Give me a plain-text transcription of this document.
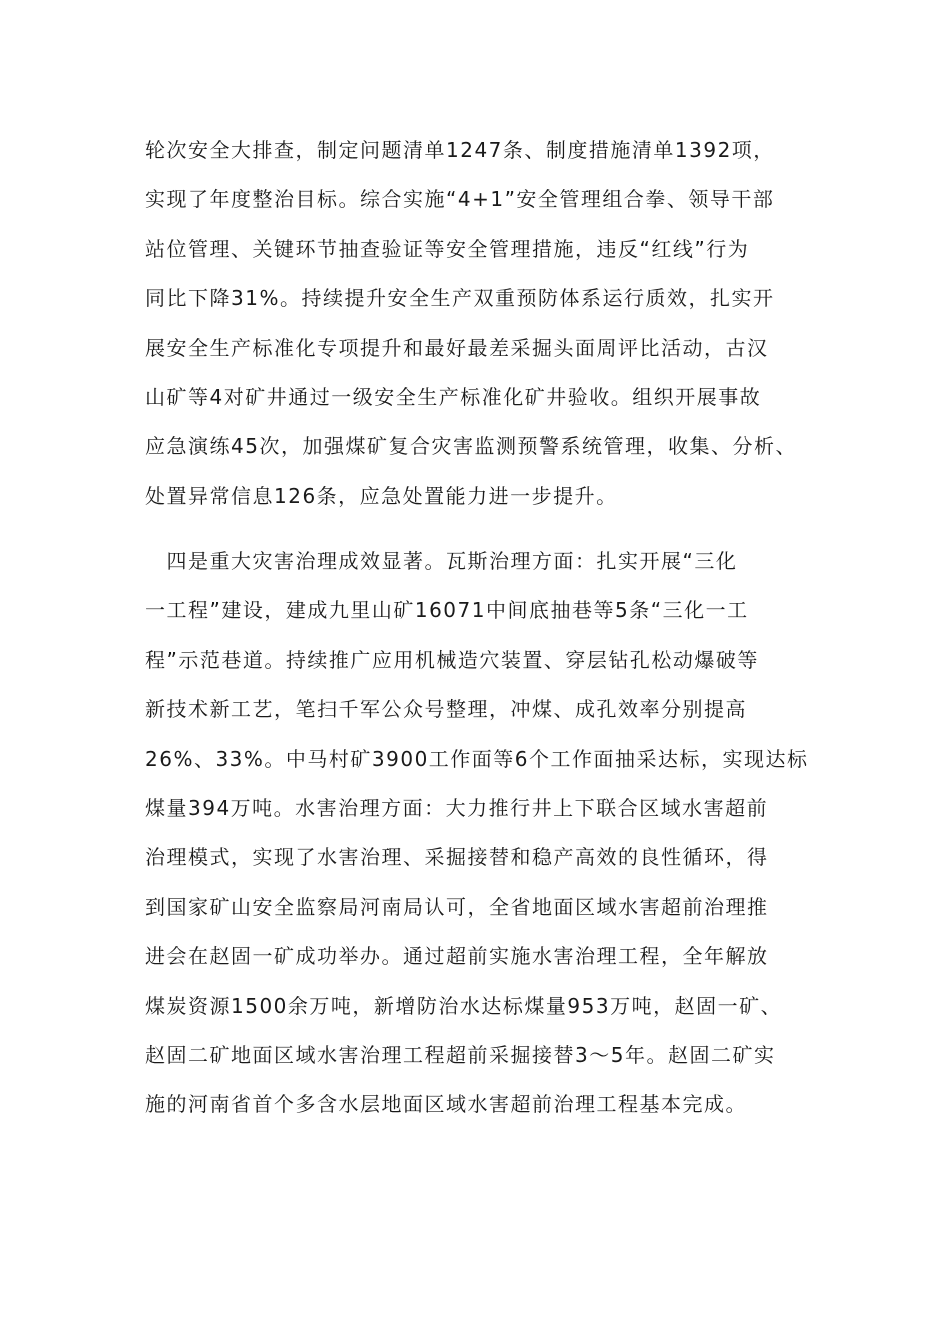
轮次安全大排查，制定问题清单1247条、制度措施清单1392项，
实现了年度整治目标。综合实施“4+1”安全管理组合拳、领导干部
站位管理、关键环节抽查验证等安全管理措施，违反“红线”行为
同比下降31%。持续提升安全生产双重预防体系运行质效，扎实开
展安全生产标准化专项提升和最好最差采掘头面周评比活动，古汉
山矿等4对矿井通过一级安全生产标准化矿井验收。组织开展事故
应急演练45次，加强煤矿复合灾害监测预警系统管理，收集、分析、
处置异常信息126条，应急处置能力进一步提升。
　四是重大灾害治理成效显著。瓦斯治理方面：扎实开展“三化
一工程”建设，建成九里山矿16071中间底抽巷等5条“三化一工
程”示范巷道。持续推广应用机械造穴装置、穿层钻孔松动爆破等
新技术新工艺，笔扫千军公众号整理，冲煤、成孔效率分别提高
26%、33%。中马村矿3900工作面等6个工作面抽采达标，实现达标
煤量394万吨。水害治理方面：大力推行井上下联合区域水害超前
治理模式，实现了水害治理、采掘接替和稳产高效的良性循环，得
到国家矿山安全监察局河南局认可，全省地面区域水害超前治理推
进会在赵固一矿成功举办。通过超前实施水害治理工程，全年解放
煤炭资源1500余万吨，新增防治水达标煤量953万吨，赵固一矿、
赵固二矿地面区域水害治理工程超前采掘接替3～5年。赵固二矿实
施的河南省首个多含水层地面区域水害超前治理工程基本完成。
